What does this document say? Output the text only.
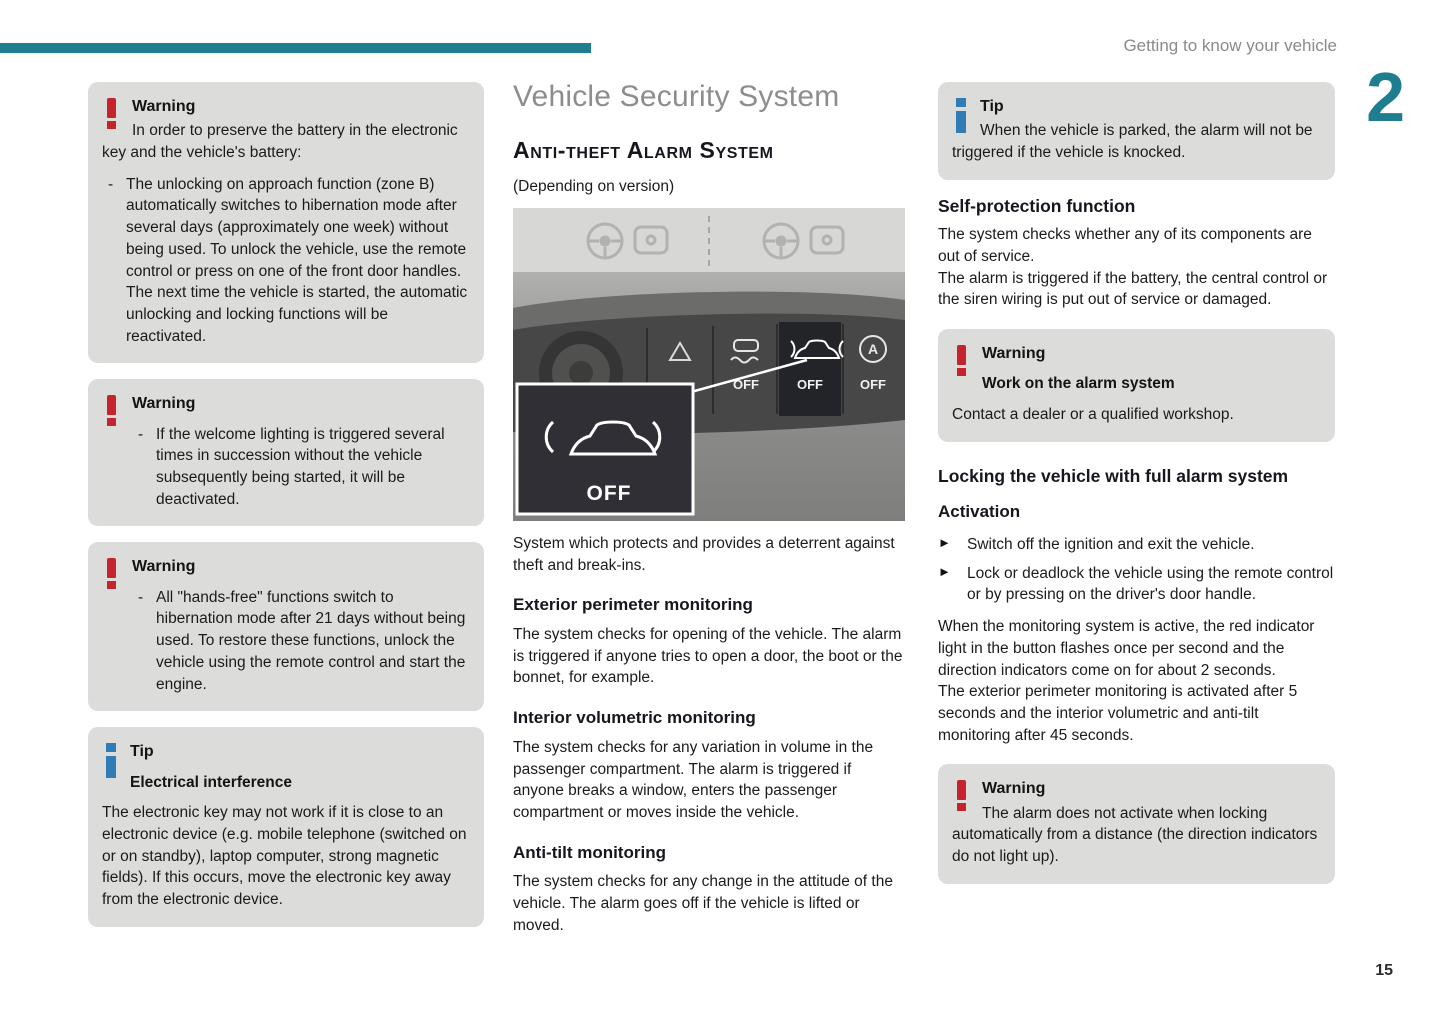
Getting to know your vehicle
2
15
Warning
In order to preserve the battery in the electronic key and the vehicle's battery:
- The unlocking on approach function (zone B) automatically switches to hibernation mode after several days (approximately one week) without being used. To unlock the vehicle, use the remote control or press on one of the front door handles. The next time the vehicle is started, the automatic unlocking and locking functions will be reactivated.
Warning
- If the welcome lighting is triggered several times in succession without the vehicle subsequently being started, it will be deactivated.
Warning
- All "hands-free" functions switch to hibernation mode after 21 days without being used. To restore these functions, unlock the vehicle using the remote control and start the engine.
Tip
Electrical interference
The electronic key may not work if it is close to an electronic device (e.g. mobile telephone (switched on or on standby), laptop computer, strong magnetic fields). If this occurs, move the electronic key away from the electronic device.
Vehicle Security System
Anti-theft Alarm System
(Depending on version)
OFF	OFF
A
OFF
OFF

System which protects and provides a deterrent against theft and break-ins.

Exterior perimeter monitoring

The system checks for opening of the vehicle. The alarm is triggered if anyone tries to open a door, the boot or the bonnet, for example.

Interior volumetric monitoring

The system checks for any variation in volume in the passenger compartment. The alarm is triggered if anyone breaks a window, enters the passenger compartment or moves inside the vehicle.

Anti-tilt monitoring

The system checks for any change in the attitude of the vehicle. The alarm goes off if the vehicle is lifted or moved.

Tip
When the vehicle is parked, the alarm will not be triggered if the vehicle is knocked.
Self-protection function

The system checks whether any of its components are out of service.

The alarm is triggered if the battery, the central control or the siren wiring is put out of service or damaged.

Warning
Work on the alarm system
Contact a dealer or a qualified workshop.
Locking the vehicle with full alarm system
Activation
► Switch off the ignition and exit the vehicle.
► Lock or deadlock the vehicle using the remote control or by pressing on the driver's door handle.

When the monitoring system is active, the red indicator light in the button flashes once per second and the direction indicators come on for about 2 seconds.

The exterior perimeter monitoring is activated after 5 seconds and the interior volumetric and anti-tilt monitoring after 45 seconds.

Warning
The alarm does not activate when locking automatically from a distance (the direction indicators do not light up).
